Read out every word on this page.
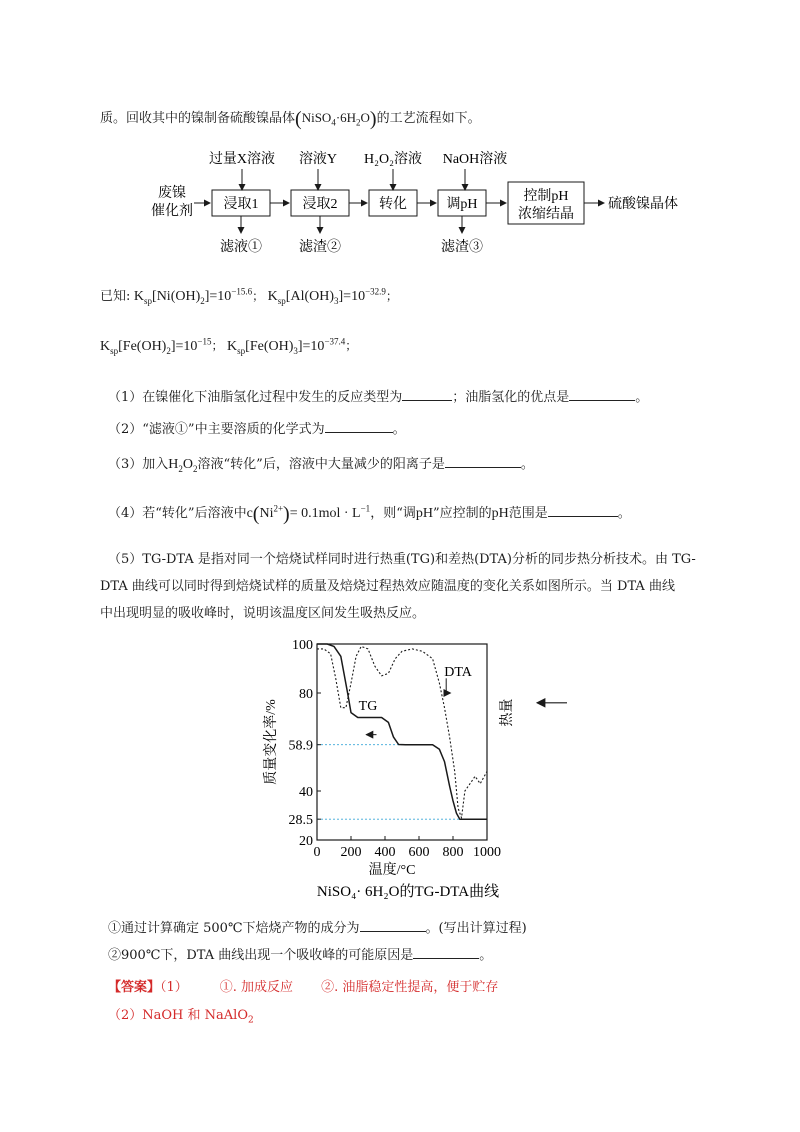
质。回收其中的镍制备硫酸镍晶体$(NiSO_4\cdot 6H_2O)$的工艺流程如下。
过量X溶液 溶液Y H₂O₂溶液 NaOH溶液
废镍
催化剂 浸取1	浸取2	转化	调pH
控制pH
浓缩结晶
硫酸镍晶体
滤液①	滤渣②	滤渣③
已知: $K_{sp}[Ni(OH)_2]=10^{-15.6}$； $K_{sp}[Al(OH)_3]=10^{-32.9}$；
$K_{sp}[Fe(OH)_2]=10^{-15}$； $K_{sp}[Fe(OH)_3]=10^{-37.4}$；
（1）在镍催化下油脂氢化过程中发生的反应类型为	；油脂氢化的优点是	。
（2）“滤液①”中主要溶质的化学式为	。
（3）加入$H_2O_2$溶液“转化”后，溶液中大量减少的阳离子是	。
（4）若“转化”后溶液中$c(Ni^{2+})= 0.1mol \cdot L^{-1}$，则“调pH”应控制的pH范围是	。
（5）TG-DTA 是指对同一个焙烧试样同时进行热重(TG)和差热(DTA)分析的同步热分析技术。由 TG-
DTA 曲线可以同时得到焙烧试样的质量及焙烧过程热效应随温度的变化关系如图所示。当 DTA 曲线
中出现明显的吸收峰时，说明该温度区间发生吸热反应。
100
80
58.9
40
28.5
20
0 200 400 600 800 1000
温度/°C
质量变化率/%	热量
NiSO₄· 6H₂O的TG-DTA曲线
TG
DTA
①通过计算确定 500℃下焙烧产物的成分为	。(写出计算过程)
②900℃下，DTA 曲线出现一个吸收峰的可能原因是	。
【答案】（1） ①. 加成反应 ②. 油脂稳定性提高，便于贮存
（2）NaOH 和 NaAlO$_2$
